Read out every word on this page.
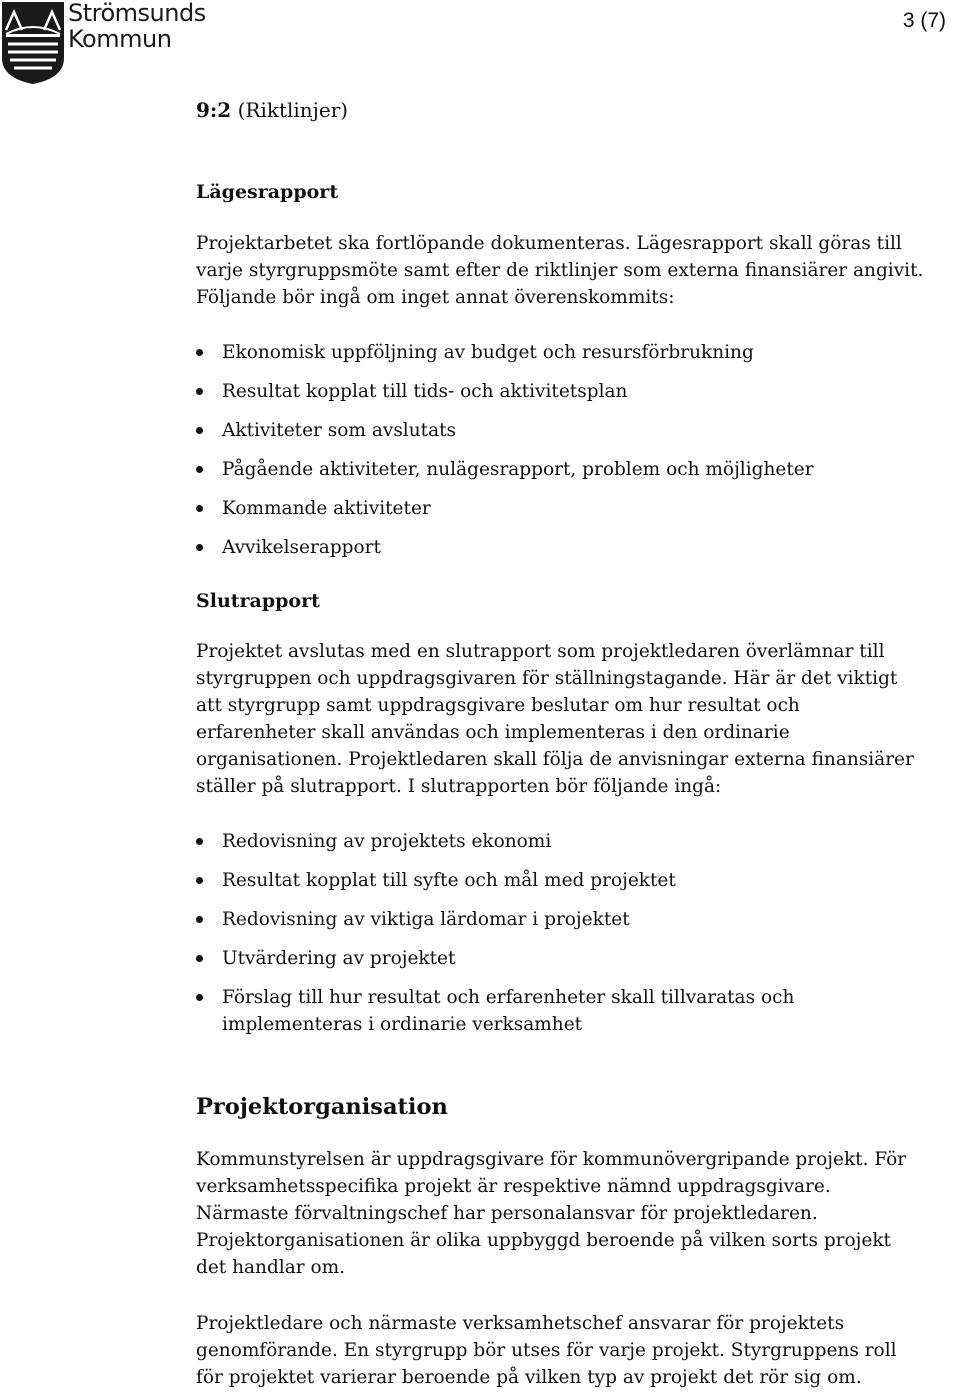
Strömsunds
Kommun
3 (7)
9:2 (Riktlinjer)
Lägesrapport
Projektarbetet ska fortlöpande dokumenteras. Lägesrapport skall göras till varje styrgruppsmöte samt efter de riktlinjer som externa finansiärer angivit. Följande bör ingå om inget annat överenskommits:
Ekonomisk uppföljning av budget och resursförbrukning
Resultat kopplat till tids- och aktivitetsplan
Aktiviteter som avslutats
Pågående aktiviteter, nulägesrapport, problem och möjligheter
Kommande aktiviteter
Avvikelserapport
Slutrapport
Projektet avslutas med en slutrapport som projektledaren överlämnar till styrgruppen och uppdragsgivaren för ställningstagande. Här är det viktigt att styrgrupp samt uppdragsgivare beslutar om hur resultat och erfarenheter skall användas och implementeras i den ordinarie organisationen. Projektledaren skall följa de anvisningar externa finansiärer ställer på slutrapport. I slutrapporten bör följande ingå:
Redovisning av projektets ekonomi
Resultat kopplat till syfte och mål med projektet
Redovisning av viktiga lärdomar i projektet
Utvärdering av projektet
Förslag till hur resultat och erfarenheter skall tillvaratas och implementeras i ordinarie verksamhet
Projektorganisation
Kommunstyrelsen är uppdragsgivare för kommunövergripande projekt. För verksamhetsspecifika projekt är respektive nämnd uppdragsgivare. Närmaste förvaltningschef har personalansvar för projektledaren. Projektorganisationen är olika uppbyggd beroende på vilken sorts projekt det handlar om.
Projektledare och närmaste verksamhetschef ansvarar för projektets genomförande. En styrgrupp bör utses för varje projekt. Styrgruppens roll för projektet varierar beroende på vilken typ av projekt det rör sig om.
